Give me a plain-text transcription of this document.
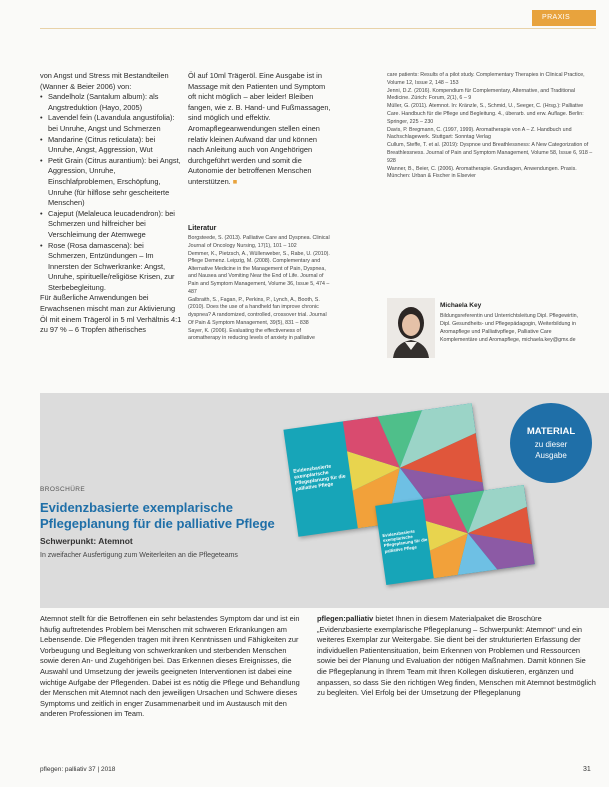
PRAXIS

von Angst und Stress mit Bestandteilen (Wanner & Beier 2006) von:

• Sandelholz (Santalum album): als Angstreduktion (Hayo, 2005)
• Lavendel fein (Lavandula angustifolia): bei Unruhe, Angst und Schmerzen
• Mandarine (Citrus reticulata): bei Unruhe, Angst, Aggression, Wut
• Petit Grain (Citrus aurantium): bei Angst, Aggression, Unruhe, Einschlafproblemen, Erschöpfung, Unruhe (für hilflose sehr gescheiterte Menschen)
• Cajeput (Melaleuca leucadendron): bei Schmerzen und hilfreicher bei Verschleimung der Atemwege
• Rose (Rosa damascena): bei Schmerzen, Entzündungen – Im Innersten der Schwerkranke: Angst, Unruhe, spirituelle/religiöse Krisen, zur Sterbebegleitung.

Für äußerliche Anwendungen bei Erwachsenen mischt man zur Aktivierung Öl mit einem Trägeröl in 5 ml Verhältnis 4:1 zu 97 % – 6 Tropfen ätherisches

Öl auf 10ml Trägeröl. Eine Ausgabe ist in Massage mit den Patienten und Symptom oft nicht möglich – aber leider! Bleiben fangen, wie z. B. Hand- und Fußmassagen, sind möglich und effektiv. Aromapflegeanwendungen stellen einen relativ kleinen Aufwand dar und können nach Anleitung auch von Angehörigen durchgeführt werden und somit die Autonomie der betroffenen Menschen unterstützen. ■
Literatur

Borgsteede, S. (2013). Palliative Care and Dyspnea. Clinical Journal of Oncology Nursing, 17(1), 101 – 102

Demmer, K., Pietzsch, A., Wüllenweber, S., Rabe, U. (2010). Pflege Demenz. Leipzig, M. (2008). Complementary and Alternative Medicine in the Management of Pain, Dyspnea, and Nausea and Vomiting Near the End of Life. Journal of Pain and Symptom Management, Volume 36, Issue 5, 474 – 487

Galbraith, S., Fagan, P., Perkins, P., Lynch, A., Booth, S. (2010). Does the use of a handheld fan improve chronic dyspnea? A randomized, controlled, crossover trial. Journal Of Pain & Symptom Management, 39(5), 831 – 838

Sayer, K. (2006). Evaluating the effectiveness of aromatherapy in reducing levels of anxiety in palliative

care patients: Results of a pilot study. Complementary Therapies in Clinical Practice, Volume 12, Issue 2, 148 – 153

Jenni, D.Z. (2016). Kompendium für Complementary, Alternative, and Traditional Medicine. Zürich: Forum, 2(1), 6 – 9

Müller, G. (2011). Atemnot. In: Kränzle, S., Schmid, U., Seeger, C. (Hrsg.): Palliative Care. Handbuch für die Pflege und Begleitung. 4., überarb. und erw. Auflage. Berlin: Springer, 225 – 230

Davis, P. Bregmann, C. (1997, 1999). Aromatherapie von A – Z. Handbuch und Nachschlagewerk. Stuttgart: Sonntag Verlag

Cullum, Steffe, T. et al. (2019): Dyspnoe und Breathlessness: A New Categorization of Breathlessness. Journal of Pain and Symptom Management, Volume 58, Issue 6, 918 – 928

Wanner, B., Beier, C. (2006). Aromatherapie. Grundlagen, Anwendungen. Praxis. München: Urban & Fischer in Elsevier

Michaela Key
Bildungsreferentin und Unterrichtsleitung Dipl. Pflegewirtin, Dipl. Gesundheits- und Pflegepädagogin, Weiterbildung in Aromapflege und Palliativpflege, Palliative Care Komplementäre und Aromapflege, michaela.key@gmx.de
MATERIAL
zu dieser
Ausgabe
Evidenzbasierte exemplarische Pflegeplanung für die palliative Pflege
Evidenzbasierte exemplarische Pflegeplanung für die palliative Pflege
BROSCHÜRE
Evidenzbasierte exemplarische
Pflegeplanung für die palliative Pflege
Schwerpunkt: Atemnot
In zweifacher Ausfertigung zum Weiterleiten an die Pflegeteams
Atemnot stellt für die Betroffenen ein sehr belastendes Symptom dar und ist ein häufig auftretendes Problem bei Menschen mit schweren Erkrankungen am Lebensende. Die Pflegenden tragen mit ihren Kenntnissen und Fähigkeiten zur Vorbeugung und Begleitung von schwerkranken und sterbenden Menschen sowie deren An- und Zugehörigen bei. Das Erkennen dieses Ereignisses, die Auswahl und Umsetzung der jeweils geeigneten Interventionen ist dabei eine wichtige Aufgabe der Pflegenden. Dabei ist es nötig die Pflege und Behandlung der Menschen mit Atemnot nach den jeweiligen Ursachen und Schwere dieses Symptoms und zeitlich in enger Zusammenarbeit und im Austausch mit den anderen Professionen im Team.
pflegen:palliativ bietet Ihnen in diesem Materialpaket die Broschüre „Evidenzbasierte exemplarische Pflegeplanung – Schwerpunkt: Atemnot“ und ein weiteres Exemplar zur Weitergabe. Sie dient bei der strukturierten Erfassung der individuellen Patientensituation, beim Erkennen von Problemen und Ressourcen sowie bei der Planung und Evaluation der nötigen Maßnahmen. Damit können Sie die Pflegeplanung in Ihrem Team mit Ihren Kollegen diskutieren, ergänzen und anpassen, so dass Sie den richtigen Weg finden, Menschen mit Atemnot bestmöglich zu begleiten. Viel Erfolg bei der Umsetzung der Pflegeplanung
pflegen: palliativ 37 | 2018	31
